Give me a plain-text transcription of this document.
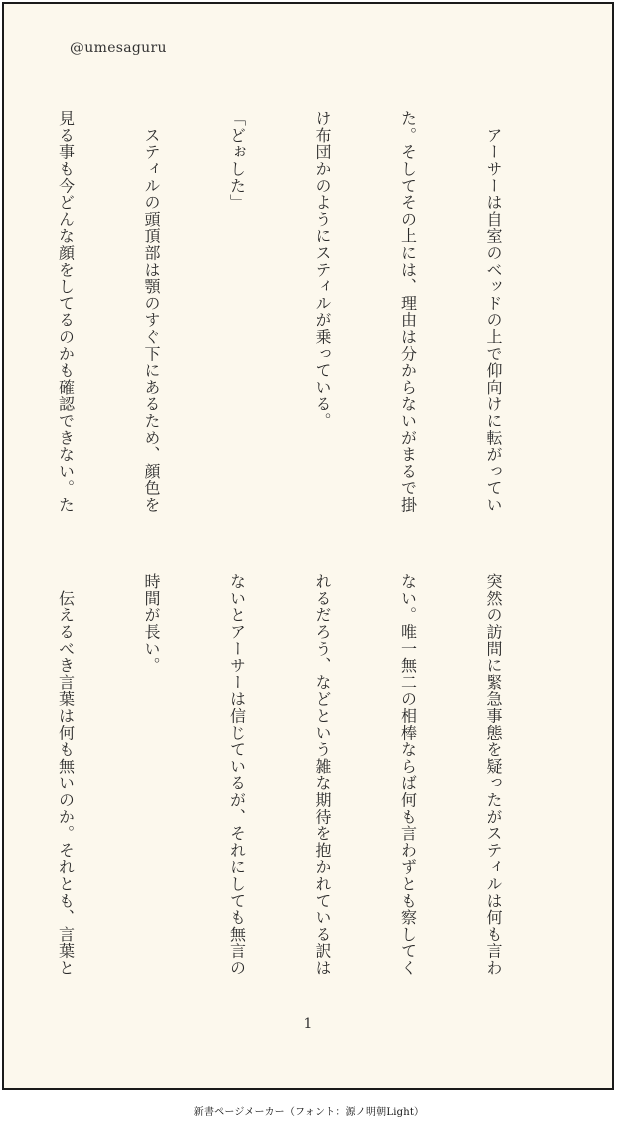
@umesaguru

　アーサーは自室のベッドの上で仰向けに転がってい

た。そしてその上には、理由は分からないがまるで掛

け布団かのようにスティルが乗っている。

「どぉした」

　スティルの頭頂部は顎のすぐ下にあるため、顔色を

見る事も今どんな顔をしてるのかも確認できない。た

突然の訪問に緊急事態を疑ったがスティルは何も言わ

ない。唯一無二の相棒ならば何も言わずとも察してく

れるだろう、などという雑な期待を抱かれている訳は

ないとアーサーは信じているが、それにしても無言の

時間が長い。

　伝えるべき言葉は何も無いのか。それとも、言葉と

1
新書ページメーカー（フォント：源ノ明朝Light）
